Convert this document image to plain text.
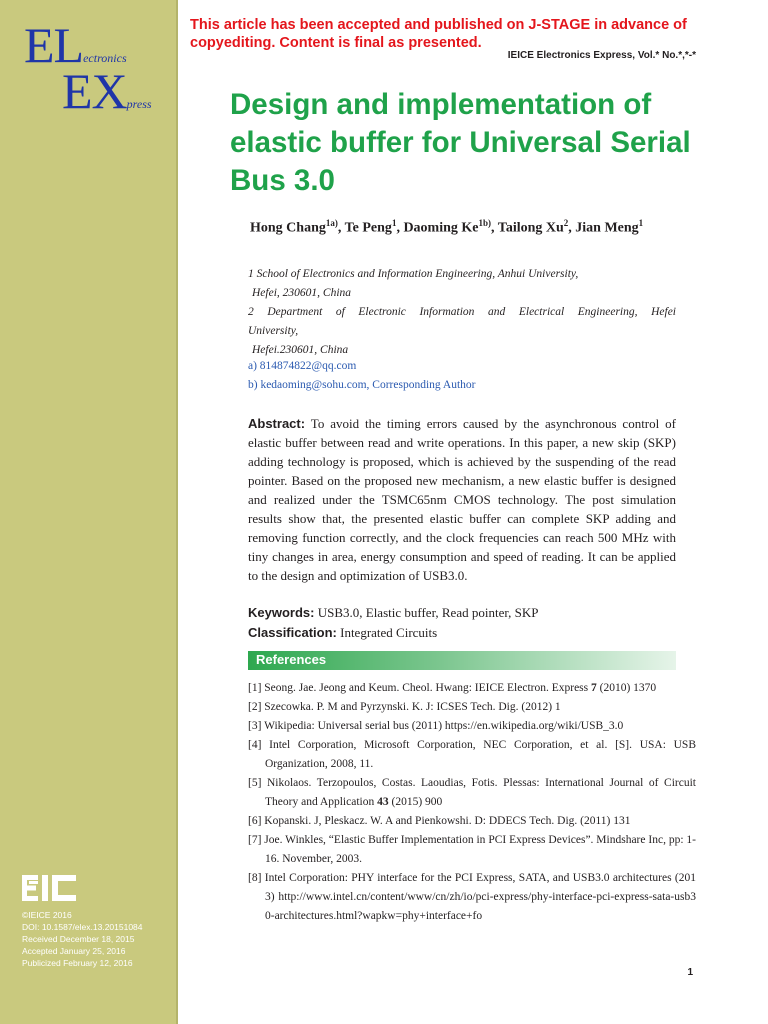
ELectronics
EXpress
This article has been accepted and published on J-STAGE in advance of copyediting. Content is final as presented.
IEICE Electronics Express, Vol.* No.*,*-*
Design and implementation of elastic buffer for Universal Serial Bus 3.0
Hong Chang$^{1a)}$, Te Peng$^1$, Daoming $Ke^{1b)}$, Tailong Xu$^2$, Jian Meng$^1$
1 School of Electronics and Information Engineering, Anhui University,
Hefei, 230601, China
2 Department of Electronic Information and Electrical Engineering, Hefei
University,
Hefei.230601, China
a) 814874822@qq.com
b) kedaoming@sohu.com, Corresponding Author
Abstract: To avoid the timing errors caused by the asynchronous control of elastic buffer between read and write operations. In this paper, a new skip (SKP) adding technology is proposed, which is achieved by the suspending of the read pointer. Based on the proposed new mechanism, a new elastic buffer is designed and realized under the TSMC65nm CMOS technology. The post simulation results show that, the presented elastic buffer can complete SKP adding and removing function correctly, and the clock frequencies can reach 500 MHz with tiny changes in area, energy consumption and speed of reading. It can be applied to the design and optimization of USB3.0.
Keywords: USB3.0, Elastic buffer, Read pointer, SKP
Classification: Integrated Circuits
References
[1] Seong. Jae. Jeong and Keum. Cheol. Hwang: IEICE Electron. Express 7 (2010) 1370
[2] Szecowka. P. M and Pyrzynski. K. J: ICSES Tech. Dig. (2012) 1
[3] Wikipedia: Universal serial bus (2011) https://en.wikipedia.org/wiki/USB_3.0
[4] Intel Corporation, Microsoft Corporation, NEC Corporation, et al. [S]. USA: USB Organization, 2008, 11.
[5] Nikolaos. Terzopoulos, Costas. Laoudias, Fotis. Plessas: International Journal of Circuit Theory and Application 43 (2015) 900
[6] Kopanski. J, Pleskacz. W. A and Pienkowshi. D: DDECS Tech. Dig. (2011) 131
[7] Joe. Winkles, “Elastic Buffer Implementation in PCI Express Devices”. Mindshare Inc, pp: 1-16. November, 2003.
[8] Intel Corporation: PHY interface for the PCI Express, SATA, and USB3.0 architectures (2013) http://www.intel.cn/content/www/cn/zh/io/pci-express/phy-interface-pci-express-sata-usb30-architectures.html?wapkw=phy+interface+fo
©IEICE 2016
DOI: 10.1587/elex.13.20151084
Received December 18, 2015
Accepted January 25, 2016
Publicized February 12, 2016
1
